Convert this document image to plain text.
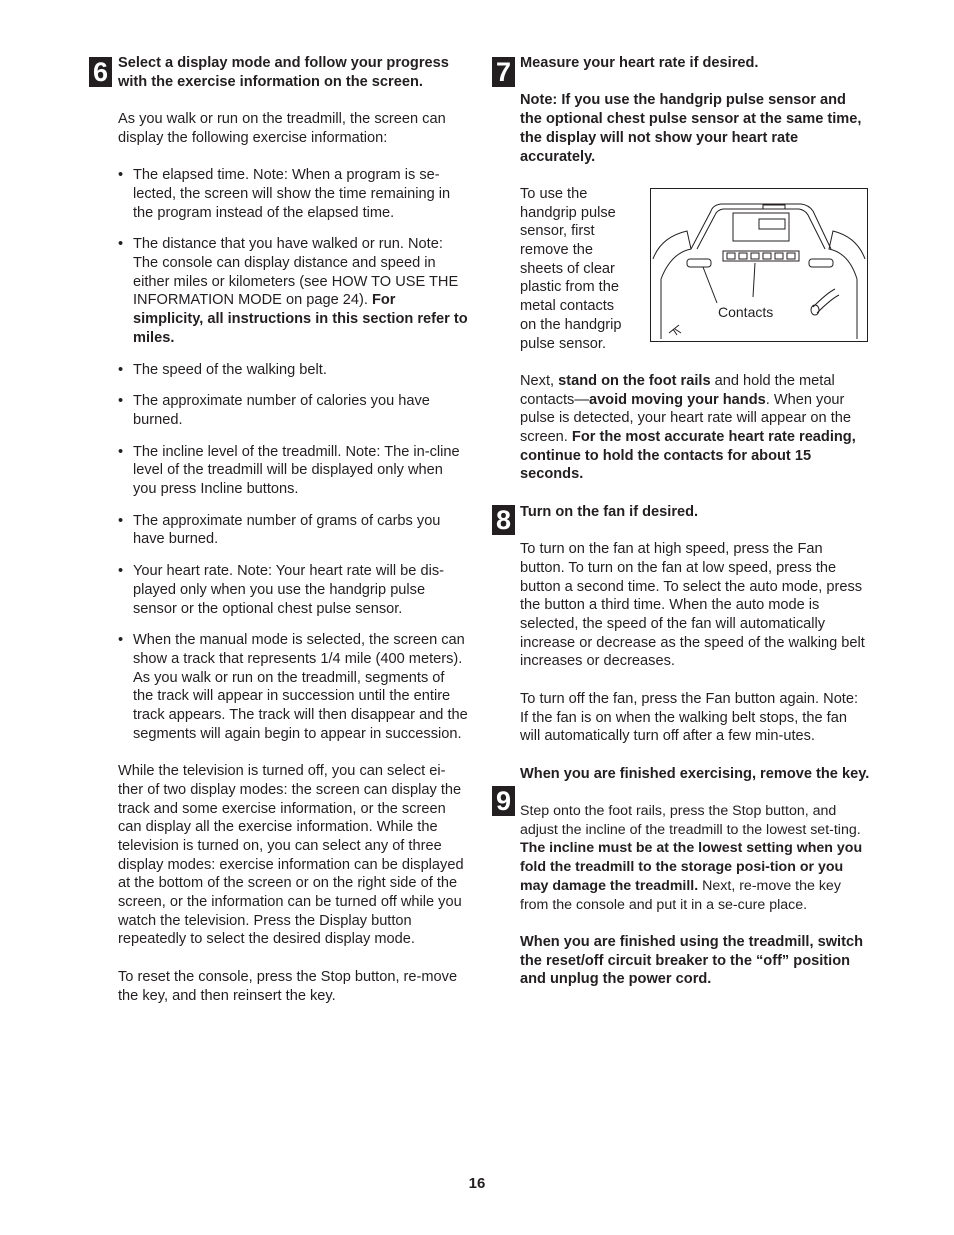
6	7
8
9

Select a display mode and follow your progress with the exercise information on the screen.

As you walk or run on the treadmill, the screen can display the following exercise information:

• The elapsed time. Note: When a program is se-lected, the screen will show the time remaining in the program instead of the elapsed time.
• The distance that you have walked or run. Note: The console can display distance and speed in either miles or kilometers (see HOW TO USE THE INFORMATION MODE on page 24). For simplicity, all instructions in this section refer to miles.
• The speed of the walking belt.
• The approximate number of calories you have burned.
• The incline level of the treadmill. Note: The in-cline level of the treadmill will be displayed only when you press Incline buttons.
• The approximate number of grams of carbs you have burned.
• Your heart rate. Note: Your heart rate will be dis-played only when you use the handgrip pulse sensor or the optional chest pulse sensor.
• When the manual mode is selected, the screen can show a track that represents 1/4 mile (400 meters). As you walk or run on the treadmill, segments of the track will appear in succession until the entire track appears. The track will then disappear and the segments will again begin to appear in succession.

While the television is turned off, you can select ei-ther of two display modes: the screen can display the track and some exercise information, or the screen can display all the exercise information. While the television is turned on, you can select any of three display modes: exercise information can be displayed at the bottom of the screen or on the right side of the screen, or the information can be turned off while you watch the television. Press the Display button repeatedly to select the desired display mode.

To reset the console, press the Stop button, re-move the key, and then reinsert the key.

Measure your heart rate if desired.

Note: If you use the handgrip pulse sensor and the optional chest pulse sensor at the same time, the display will not show your heart rate accurately.

To use the handgrip pulse sensor, first remove the sheets of clear plastic from the metal contacts on the handgrip pulse sensor.

Contacts

Next, stand on the foot rails and hold the metal contacts—avoid moving your hands. When your pulse is detected, your heart rate will appear on the screen. For the most accurate heart rate reading, continue to hold the contacts for about 15 seconds.

Turn on the fan if desired.

To turn on the fan at high speed, press the Fan button. To turn on the fan at low speed, press the button a second time. To select the auto mode, press the button a third time. When the auto mode is selected, the speed of the fan will automatically increase or decrease as the speed of the walking belt increases or decreases.

To turn off the fan, press the Fan button again. Note: If the fan is on when the walking belt stops, the fan will automatically turn off after a few min-utes.

When you are finished exercising, remove the key.

Step onto the foot rails, press the Stop button, and adjust the incline of the treadmill to the lowest set-ting. The incline must be at the lowest setting when you fold the treadmill to the storage posi-tion or you may damage the treadmill. Next, re-move the key from the console and put it in a se-cure place.

When you are finished using the treadmill, switch the reset/off circuit breaker to the “off” position and unplug the power cord.

16
